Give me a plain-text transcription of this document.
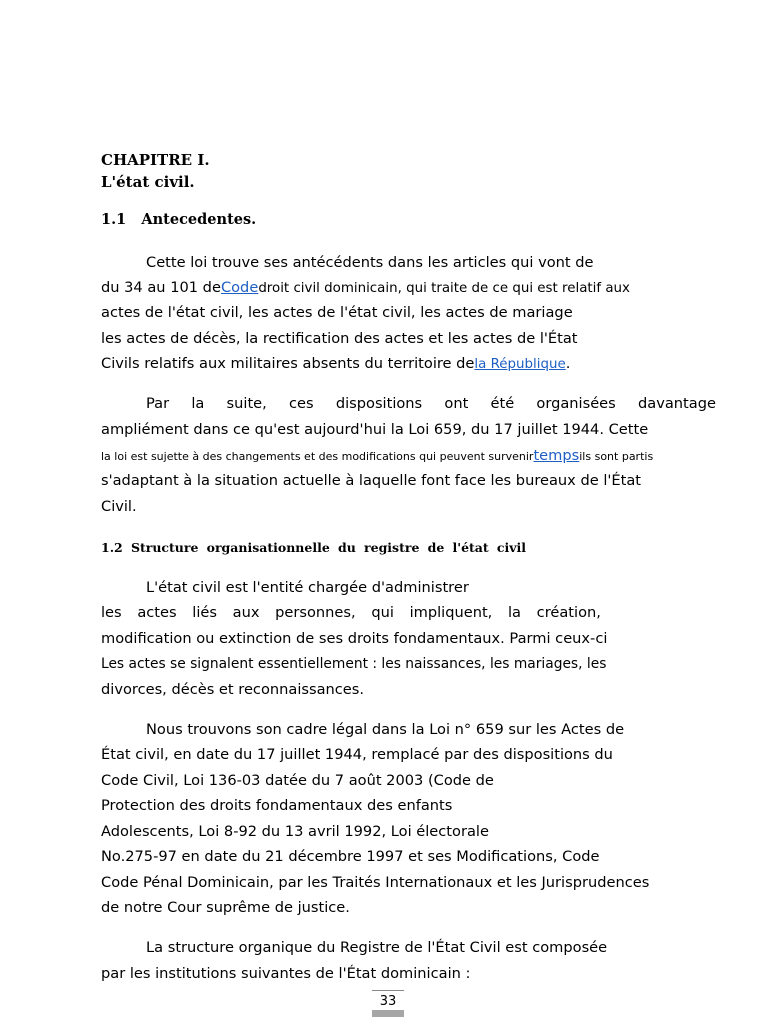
CHAPITRE I.
L'état civil.
1.1 Antecedentes.
Cette loi trouve ses antécédents dans les articles qui vont de
du 34 au 101 deCodedroit civil dominicain, qui traite de ce qui est relatif aux
actes de l'état civil, les actes de l'état civil, les actes de mariage
les actes de décès, la rectification des actes et les actes de l'État
Civils relatifs aux militaires absents du territoire dela République.
Par la suite, ces dispositions ont été organisées davantage
ampliément dans ce qu'est aujourd'hui la Loi 659, du 17 juillet 1944. Cette
la loi est sujette à des changements et des modifications qui peuvent survenirtempsils sont partis
s'adaptant à la situation actuelle à laquelle font face les bureaux de l'État
Civil.
1.2 Structure organisationnelle du registre de l'état civil
L'état civil est l'entité chargée d'administrer
les actes liés aux personnes, qui impliquent, la création,
modification ou extinction de ses droits fondamentaux. Parmi ceux-ci
Les actes se signalent essentiellement : les naissances, les mariages, les
divorces, décès et reconnaissances.
Nous trouvons son cadre légal dans la Loi n° 659 sur les Actes de
État civil, en date du 17 juillet 1944, remplacé par des dispositions du
Code Civil, Loi 136-03 datée du 7 août 2003 (Code de
Protection des droits fondamentaux des enfants
Adolescents, Loi 8-92 du 13 avril 1992, Loi électorale
No.275-97 en date du 21 décembre 1997 et ses Modifications, Code
Code Pénal Dominicain, par les Traités Internationaux et les Jurisprudences
de notre Cour suprême de justice.
La structure organique du Registre de l'État Civil est composée
par les institutions suivantes de l'État dominicain :
33
